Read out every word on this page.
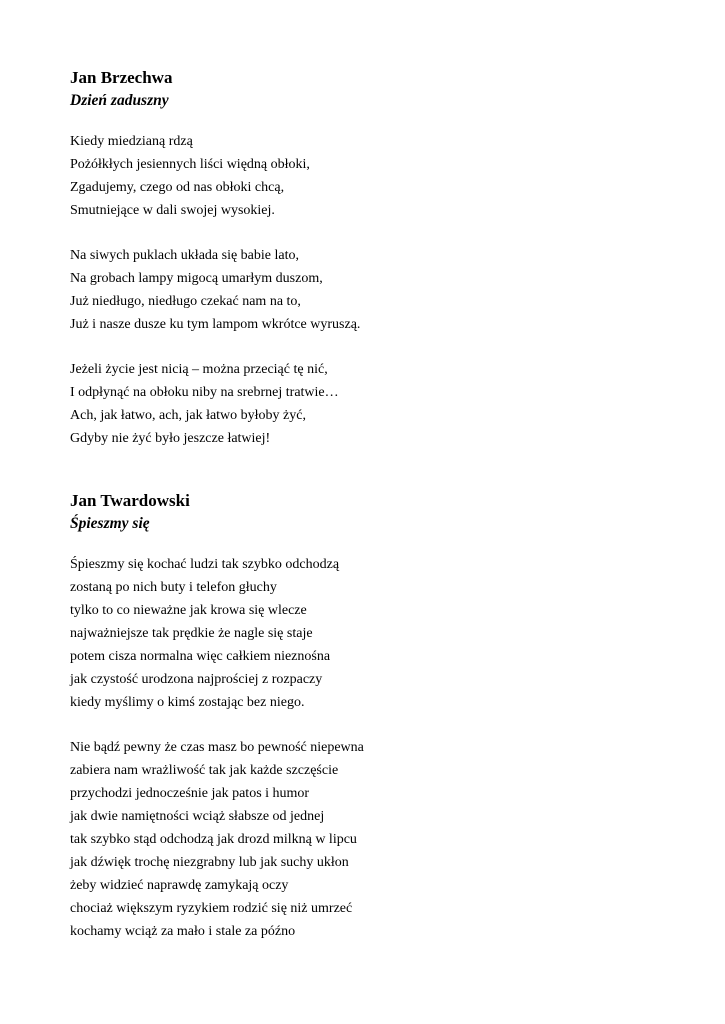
Jan Brzechwa
Dzień zaduszny
Kiedy miedzianą rdzą
Pożółkłych jesiennych liści więdną obłoki,
Zgadujemy, czego od nas obłoki chcą,
Smutniejące w dali swojej wysokiej.
Na siwych puklach układa się babie lato,
Na grobach lampy migocą umarłym duszom,
Już niedługo, niedługo czekać nam na to,
Już i nasze dusze ku tym lampom wkrótce wyruszą.
Jeżeli życie jest nicią – można przeciąć tę nić,
I odpłynąć na obłoku niby na srebrnej tratwie…
Ach, jak łatwo, ach, jak łatwo byłoby żyć,
Gdyby nie żyć było jeszcze łatwiej!
Jan Twardowski
Śpieszmy się
Śpieszmy się kochać ludzi tak szybko odchodzą
zostaną po nich buty i telefon głuchy
tylko to co nieważne jak krowa się wlecze
najważniejsze tak prędkie że nagle się staje
potem cisza normalna więc całkiem nieznośna
jak czystość urodzona najprościej z rozpaczy
kiedy myślimy o kimś zostając bez niego.
Nie bądź pewny że czas masz bo pewność niepewna
zabiera nam wrażliwość tak jak każde szczęście
przychodzi jednocześnie jak patos i humor
jak dwie namiętności wciąż słabsze od jednej
tak szybko stąd odchodzą jak drozd milkną w lipcu
jak dźwięk trochę niezgrabny lub jak suchy ukłon
żeby widzieć naprawdę zamykają oczy
chociaż większym ryzykiem rodzić się niż umrzeć
kochamy wciąż za mało i stale za późno
